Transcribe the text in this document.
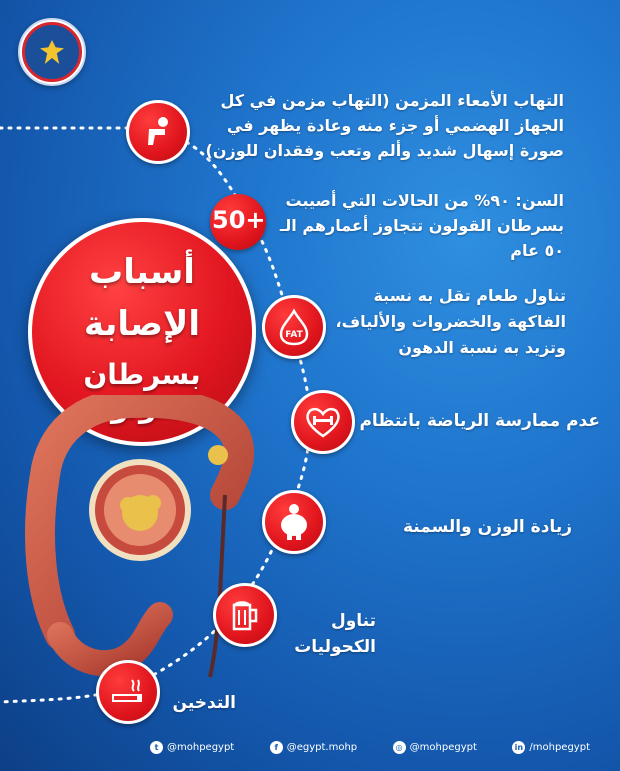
أسباب
الإصابة
بسرطان القولون
التهاب الأمعاء المزمن (التهاب مزمن في كل الجهاز الهضمي أو جزء منه وعادة يظهر في صورة إسهال شديد وألم وتعب وفقدان للوزن)
50+
السن: ٩٠% من الحالات التي أصيبت بسرطان القولون تتجاوز أعمارهم الـ ٥٠ عام
FAT
تناول طعام تقل به نسبة الفاكهة والخضروات والألياف، وتزيد به نسبة الدهون
عدم ممارسة الرياضة بانتظام
زيادة الوزن والسمنة
تناول الكحوليات
التدخين
t @mohpegypt	f @egypt.mohp	◎ @mohpegypt	in /mohpegypt
